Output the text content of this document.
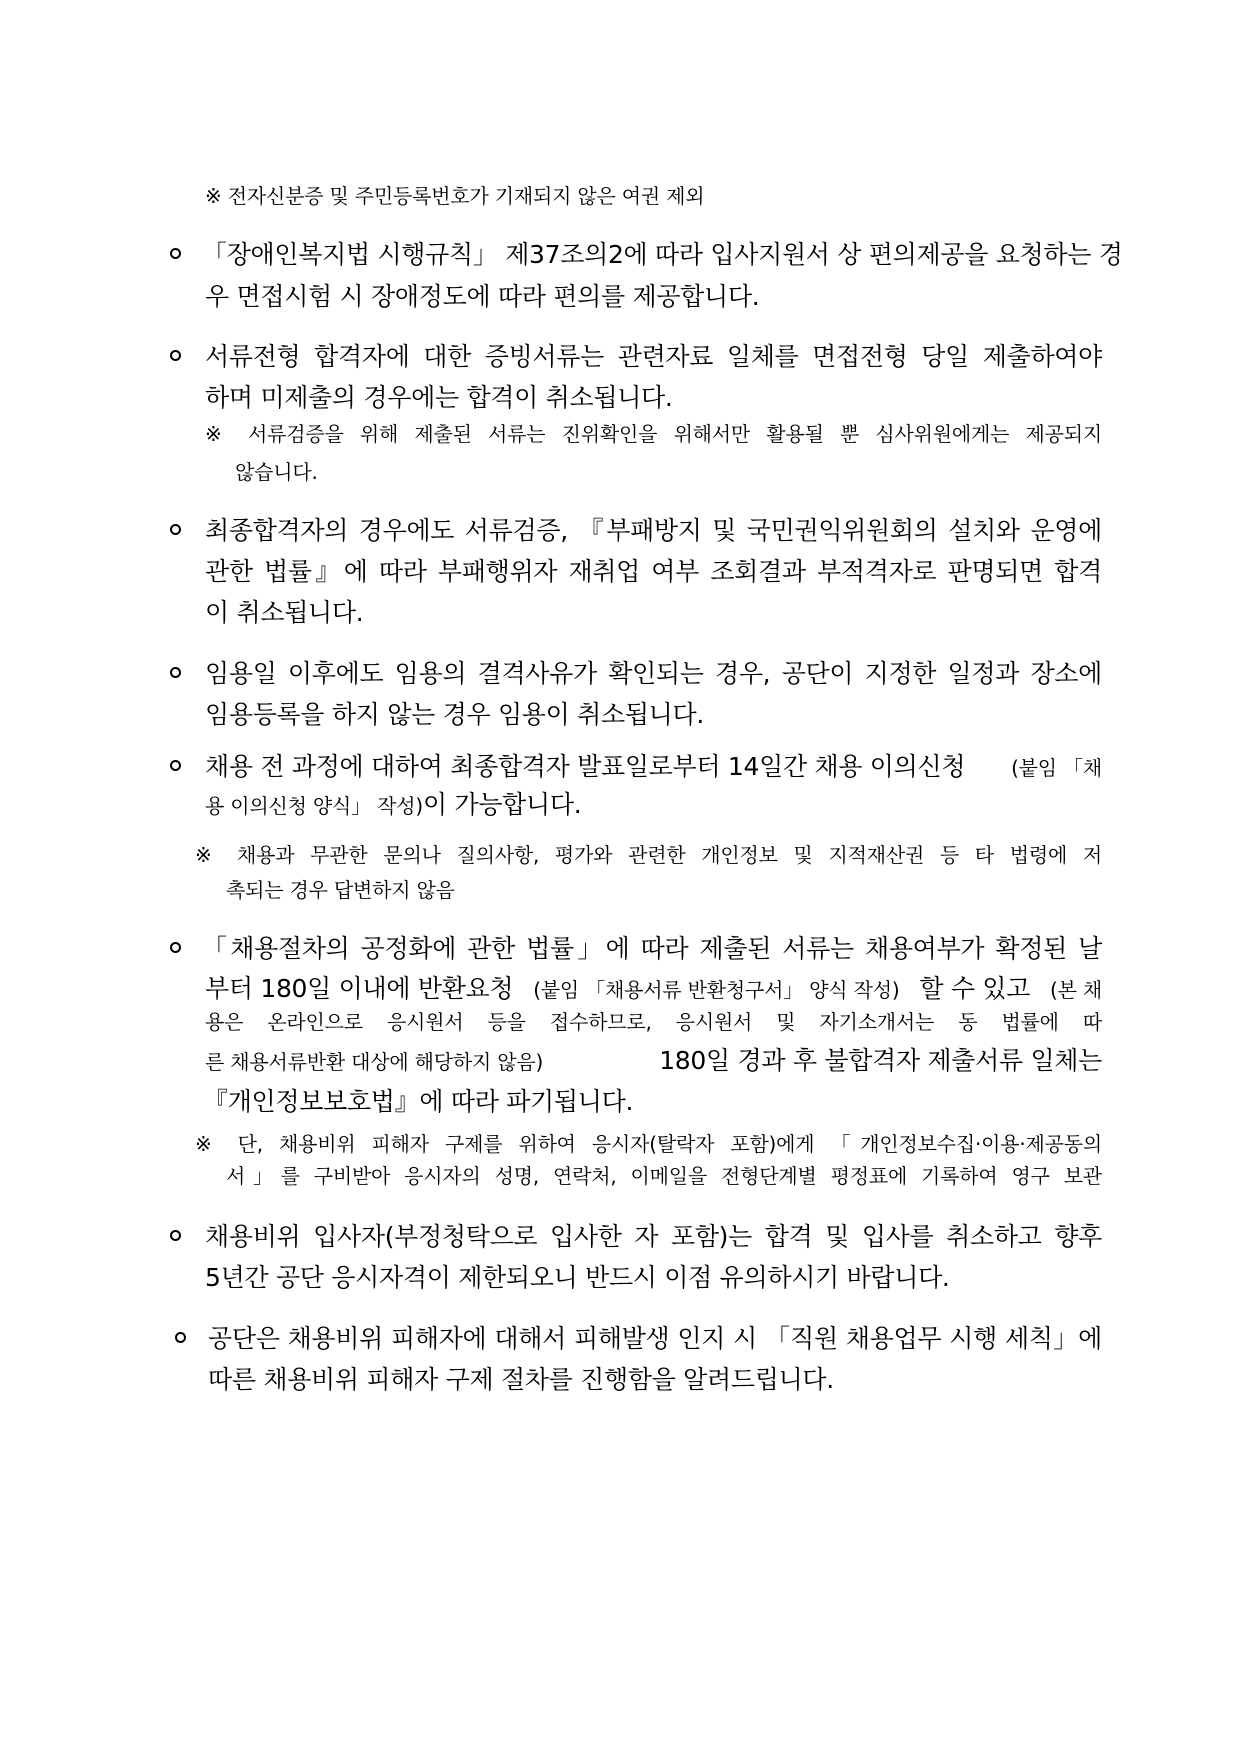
※ 전자신분증 및 주민등록번호가 기재되지 않은 여권 제외
「장애인복지법 시행규칙」 제37조의2에 따라 입사지원서 상 편의제공을 요청하는 경
우 면접시험 시 장애정도에 따라 편의를 제공합니다.
서류전형 합격자에 대한 증빙서류는 관련자료 일체를 면접전형 당일 제출하여야
하며 미제출의 경우에는 합격이 취소됩니다.
※ 서류검증을 위해 제출된 서류는 진위확인을 위해서만 활용될 뿐 심사위원에게는 제공되지
않습니다.
최종합격자의 경우에도 서류검증, 『부패방지 및 국민권익위원회의 설치와 운영에
관한 법률』에 따라 부패행위자 재취업 여부 조회결과 부적격자로 판명되면 합격
이 취소됩니다.
임용일 이후에도 임용의 결격사유가 확인되는 경우, 공단이 지정한 일정과 장소에
임용등록을 하지 않는 경우 임용이 취소됩니다.
채용 전 과정에 대하여 최종합격자 발표일로부터 14일간 채용 이의신청 (붙임 「채
용 이의신청 양식」 작성)이 가능합니다.
※ 채용과 무관한 문의나 질의사항, 평가와 관련한 개인정보 및 지적재산권 등 타 법령에 저
촉되는 경우 답변하지 않음
「채용절차의 공정화에 관한 법률」에 따라 제출된 서류는 채용여부가 확정된 날
부터 180일 이내에 반환요청 (붙임 「채용서류 반환청구서」 양식 작성) 할 수 있고 (본 채
용은 온라인으로 응시원서 등을 접수하므로, 응시원서 및 자기소개서는 동 법률에 따
른 채용서류반환 대상에 해당하지 않음)	180일 경과 후 불합격자 제출서류 일체는
『개인정보보호법』에 따라 파기됩니다.
※ 단, 채용비위 피해자 구제를 위하여 응시자(탈락자 포함)에게 「개인정보수집·이용·제공동의
서」를 구비받아 응시자의 성명, 연락처, 이메일을 전형단계별 평정표에 기록하여 영구 보관
채용비위 입사자(부정청탁으로 입사한 자 포함)는 합격 및 입사를 취소하고 향후
5년간 공단 응시자격이 제한되오니 반드시 이점 유의하시기 바랍니다.
공단은 채용비위 피해자에 대해서 피해발생 인지 시 「직원 채용업무 시행 세칙」에
따른 채용비위 피해자 구제 절차를 진행함을 알려드립니다.
